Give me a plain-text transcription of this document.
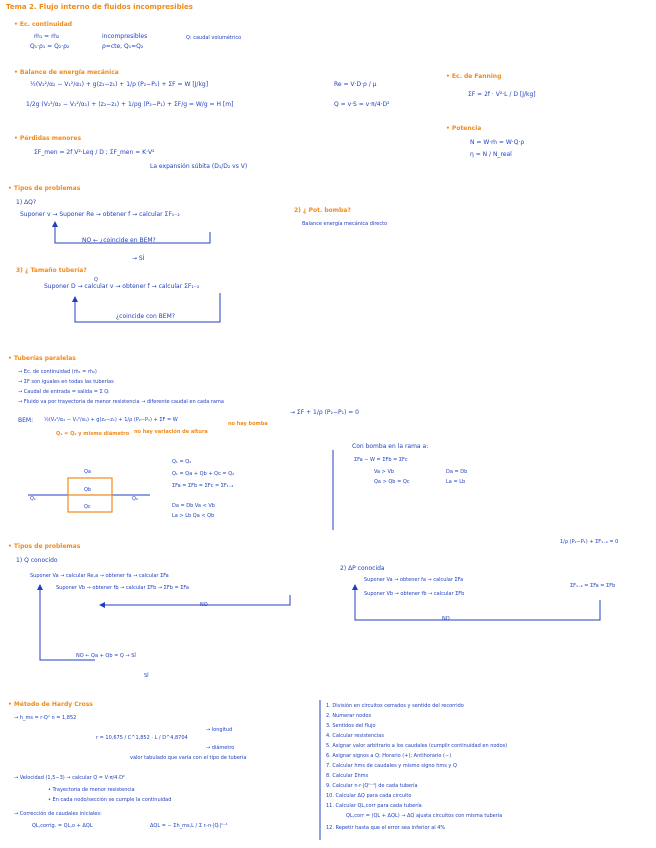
Tema 2. Flujo interno de fluidos incompresibles
• Ec. continuidad
ṁ₁ = ṁ₂
Q₁·ρ₁ = Q₂·ρ₂
incompresibles
ρ=cte, Q₁=Q₂
Q: caudal volumétrico
• Balance de energía mecánica
½(V₂²/α₂ − V₁²/α₁) + g(z₂−z₁) + 1/ρ (P₂−P₁) + ΣF = W [J/kg]
1/2g (V₂²/α₂ − V₁²/α₁) + (z₂−z₁) + 1/ρg (P₂−P₁) + ΣF/g = W/g = H [m]
Re = V·D·ρ / μ
Q = v·S = v·π/4·D²
• Ec. de Fanning
ΣF = 2f · V²·L / D [J/kg]
• Potencia
N = W·ṁ = W·Q·ρ
η = N / N_real
• Pérdidas menores
ΣF_men = 2f V²·Leq / D ; ΣF_men = K·V²
La expansión súbita (D₁/D₂ vs V)
• Tipos de problemas
1) ΔQ?
Suponer v → Suponer Re → obtener f → calcular ΣF₁₋₂
NO ← ¿coincide en BEM?
→ SÍ
2) ¿ Pot. bomba?
Balance energía mecánica directo
3) ¿ Tamaño tubería?
Suponer D → calcular v → obtener f → calcular ΣF₁₋₂
Q
¿coincide con BEM?
• Tuberías paralelas
→ Ec. de continuidad (ṁ₁ = ṁ₂)
→ ΣF son iguales en todas las tuberías
→ Caudal de entrada = salida = Σ Qᵢ
→ Fluido va por trayectoria de menor resistencia → diferente caudal en cada rama
BEM: ½(V₂²/α₂ − V₁²/α₁) + g(z₂−z₁) + 1/ρ (P₂−P₁) + ΣF = W
→ ΣF + 1/ρ (P₂−P₁) = 0
Q₁ = Q₂ y mismo diámetro no hay variación de altura
no hay bomba
Qa
Qb
Qc
Q₁	Q₂
Q₁ = Q₂
Q₁ = Qa + Qb + Qc = Q₂
ΣFa = ΣFb = ΣFc = ΣF₁₋₂
Da = Db Va < Vb
La > Lb Qa < Qb
Con bomba en la rama a:
ΣFa − W = ΣFb = ΣFc
Va > Vb
Qa > Qb = Qc
Da = Db
La = Lb
• Tipos de problemas
1) Q conocido
Suponer Va → calcular Re,a → obtener fa → calcular ΣFa
Suponer Vb → obtener fb → calcular ΣFb → ΣFb = ΣFa
NO
NO ← Qa + Qb = Q → SÍ
SÍ
2) ΔP conocida
1/ρ (P₂−P₁) + ΣF₁₋₂ = 0
Suponer Va → obtener fa → calcular ΣFa
Suponer Vb → obtener fb → calcular ΣFb
ΣF₁₋₂ = ΣFa = ΣFb
NO
• Método de Hardy Cross
→ h_ms = r·Qⁿ n = 1,852
r = 10,675 / C^1,852 · L / D^4,8704
→ longitud
→ diámetro
valor tabulado que varía con el tipo de tubería
→ Velocidad (1,5−3) → calcular Q = V·π/4·D²
• Trayectoria de menor resistencia
• En cada nodo/sección se cumple la continuidad
→ Corrección de caudales iniciales:
QL,corrig. = QL,o + ΔQL	ΔQL = − Σh_ms,L / Σ rᵢ·n·|Qᵢ|ⁿ⁻¹
1. División en circuitos cerrados y sentido del recorrido
2. Numerar nodos
3. Sentidos del flujo
4. Calcular resistencias
5. Asignar valor arbitrario a los caudales (cumplir continuidad en nodos)
6. Asignar signos a Q: Horario (+); Antihorario (−)
7. Calcular hms de caudales y mismo signo hms y Q
8. Calcular Σhms
9. Calcular n·r·|Qⁿ⁻¹| de cada tubería
10. Calcular ΔQ para cada circuito
11. Calcular QL,corr para cada tubería
QL,corr = (QL + ΔQL) → ΔQ ajusta circuitos con misma tubería
12. Repetir hasta que el error sea inferior al 4%
